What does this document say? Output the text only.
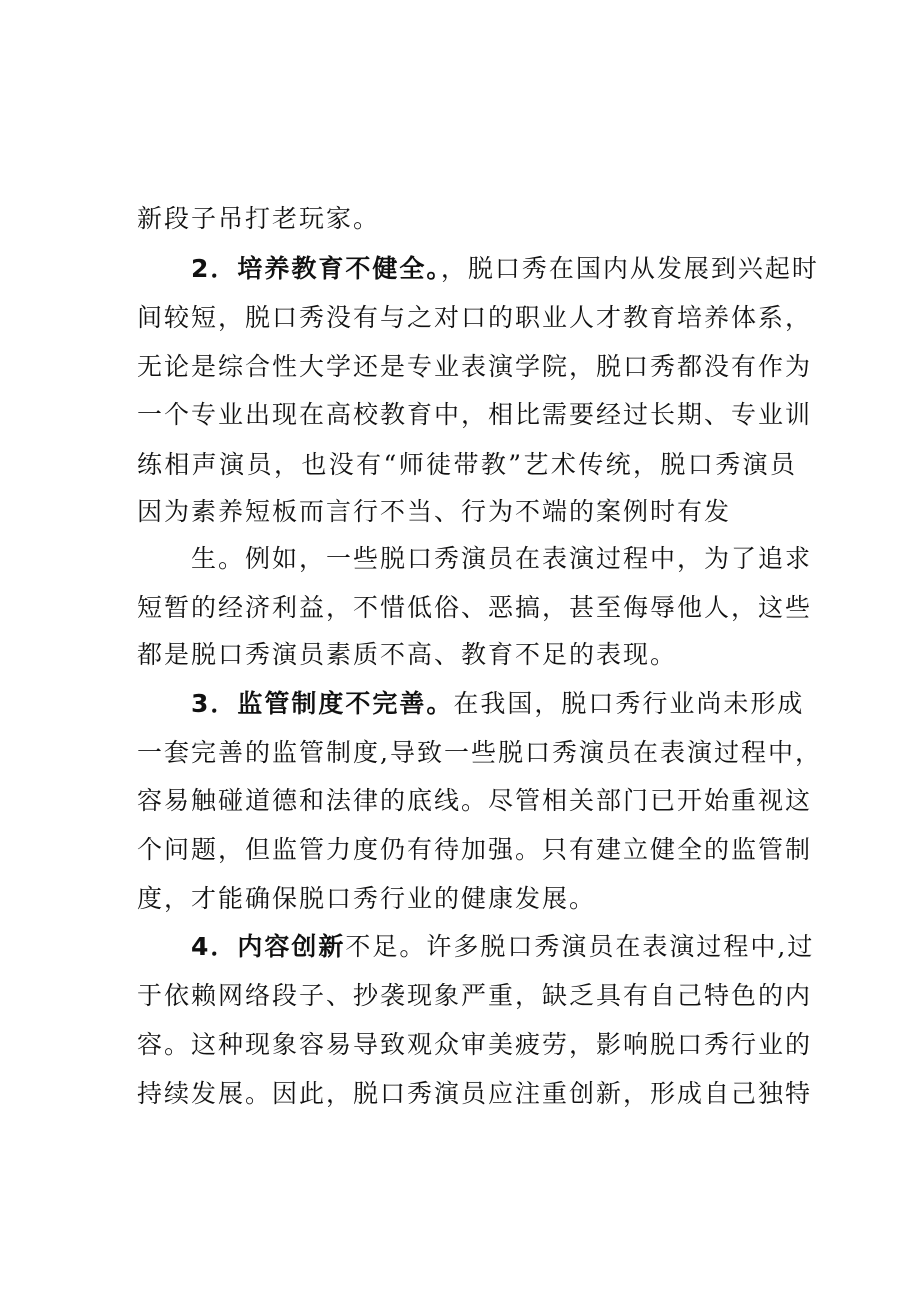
新段子吊打老玩家。
2．培养教育不健全。，脱口秀在国内从发展到兴起时
间较短，脱口秀没有与之对口的职业人才教育培养体系，
无论是综合性大学还是专业表演学院，脱口秀都没有作为
一个专业出现在高校教育中，相比需要经过长期、专业训
练相声演员，也没有“师徒带教”艺术传统，脱口秀演员
因为素养短板而言行不当、行为不端的案例时有发
生。例如，一些脱口秀演员在表演过程中，为了追求
短暂的经济利益，不惜低俗、恶搞，甚至侮辱他人，这些
都是脱口秀演员素质不高、教育不足的表现。
3．监管制度不完善。在我国，脱口秀行业尚未形成
一套完善的监管制度,导致一些脱口秀演员在表演过程中，
容易触碰道德和法律的底线。尽管相关部门已开始重视这
个问题，但监管力度仍有待加强。只有建立健全的监管制
度，才能确保脱口秀行业的健康发展。
4．内容创新不足。许多脱口秀演员在表演过程中,过
于依赖网络段子、抄袭现象严重，缺乏具有自己特色的内
容。这种现象容易导致观众审美疲劳，影响脱口秀行业的
持续发展。因此，脱口秀演员应注重创新，形成自己独特
